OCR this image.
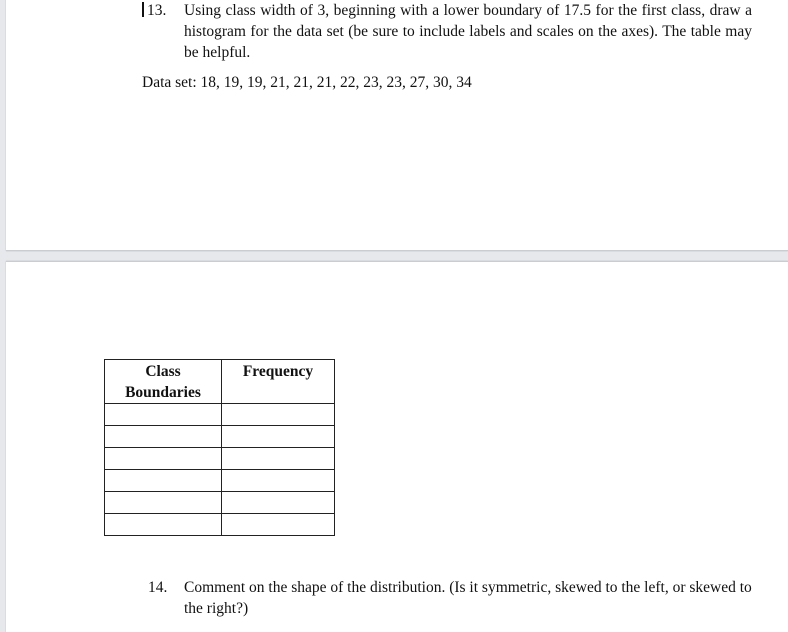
13. Using class width of 3, beginning with a lower boundary of 17.5 for the first class, draw a histogram for the data set (be sure to include labels and scales on the axes). The table may be helpful.
Data set: 18, 19, 19, 21, 21, 21, 22, 23, 23, 27, 30, 34
Class
Boundaries	Frequency

14. Comment on the shape of the distribution. (Is it symmetric, skewed to the left, or skewed to the right?)
